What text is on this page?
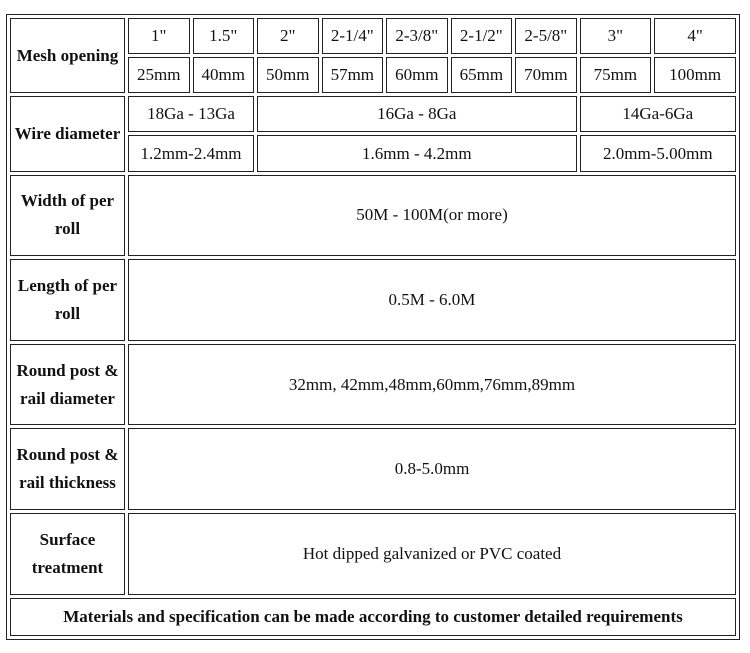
Mesh opening	1"	1.5"	2"	2-1/4"	2-3/8"	2-1/2"	2-5/8"	3"	4"
	25mm	40mm	50mm	57mm	60mm	65mm	70mm	75mm	100mm
Wire diameter	18Ga - 13Ga		16Ga - 8Ga					14Ga-6Ga	
	1.2mm-2.4mm		1.6mm - 4.2mm					2.0mm-5.00mm	
Width of per roll	50M - 100M(or more)								
Length of per roll	0.5M - 6.0M								
Round post & rail diameter	32mm, 42mm,48mm,60mm,76mm,89mm								
Round post & rail thickness	0.8-5.0mm								
Surface treatment	Hot dipped galvanized or PVC coated								
Materials and specification can be made according to customer detailed requirements									
